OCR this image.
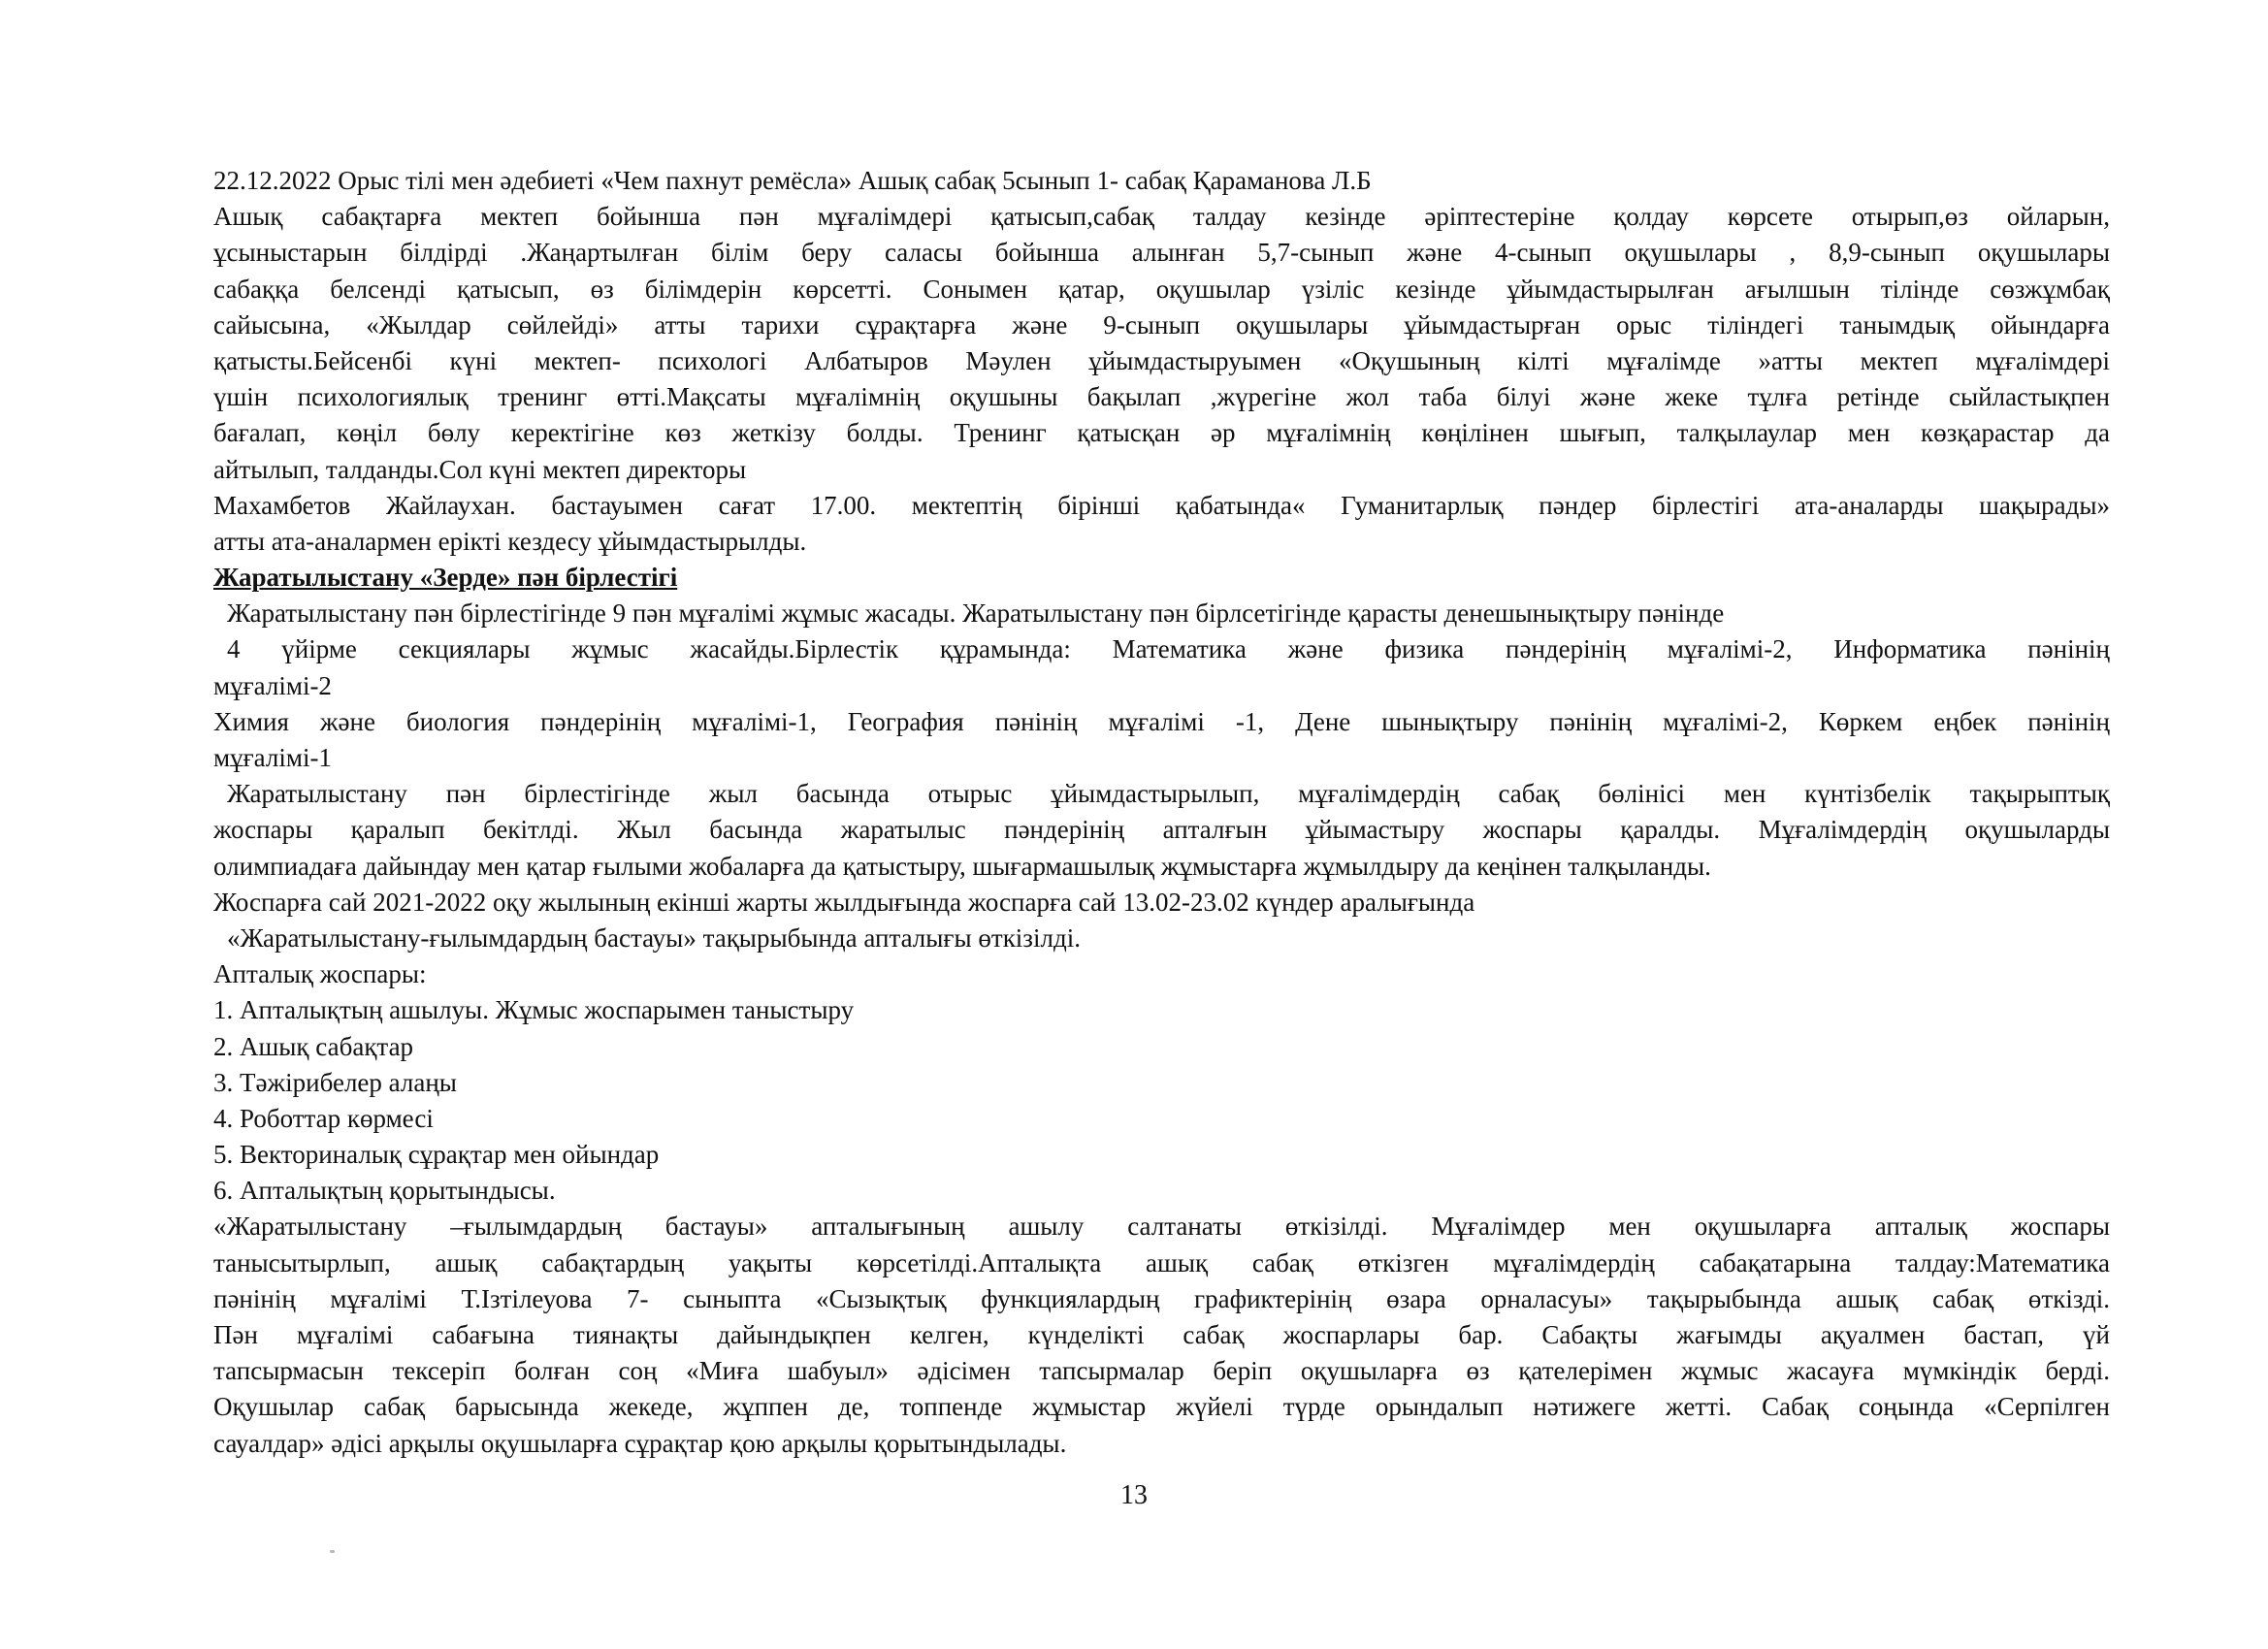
22.12.2022 Орыс тілі мен әдебиеті «Чем пахнут ремёсла» Ашық сабақ 5сынып 1- сабақ Қараманова Л.Б
Ашық сабақтарға мектеп бойынша пән мұғалімдері қатысып,сабақ талдау кезінде әріптестеріне қолдау көрсете отырып,өз ойларын,
ұсыныстарын білдірді .Жаңартылған білім беру саласы бойынша алынған 5,7-сынып және 4-сынып оқушылары , 8,9-сынып оқушылары
сабаққа белсенді қатысып, өз білімдерін көрсетті. Сонымен қатар, оқушылар үзіліс кезінде ұйымдастырылған ағылшын тілінде сөзжұмбақ
сайысына, «Жылдар сөйлейді» атты тарихи сұрақтарға және 9-сынып оқушылары ұйымдастырған орыс тіліндегі танымдық ойындарға
қатысты.Бейсенбі күні мектеп- психологі Албатыров Мәулен ұйымдастыруымен «Оқушының кілті мұғалімде »атты мектеп мұғалімдері
үшін психологиялық тренинг өтті.Мақсаты мұғалімнің оқушыны бақылап ,жүрегіне жол таба білуі және жеке тұлға ретінде сыйластықпен
бағалап, көңіл бөлу керектігіне көз жеткізу болды. Тренинг қатысқан әр мұғалімнің көңілінен шығып, талқылаулар мен көзқарастар да
айтылып, талданды.Сол күні мектеп директоры
Махамбетов Жайлаухан. бастауымен сағат 17.00. мектептің бірінші қабатында« Гуманитарлық пәндер бірлестігі ата-аналарды шақырады»
атты ата-аналармен ерікті кездесу ұйымдастырылды.
Жаратылыстану «Зерде» пән бірлестігі
Жаратылыстану пән бірлестігінде 9 пән мұғалімі жұмыс жасады. Жаратылыстану пән бірлсетігінде қарасты денешынықтыру пәнінде
4 үйірме секциялары жұмыс жасайды.Бірлестік құрамында: Математика және физика пәндерінің мұғалімі-2, Информатика пәнінің
мұғалімі-2
Химия және биология пәндерінің мұғалімі-1, География пәнінің мұғалімі -1, Дене шынықтыру пәнінің мұғалімі-2, Көркем еңбек пәнінің
мұғалімі-1
Жаратылыстану пән бірлестігінде жыл басында отырыс ұйымдастырылып, мұғалімдердің сабақ бөлінісі мен күнтізбелік тақырыптық
жоспары қаралып бекітлді. Жыл басында жаратылыс пәндерінің апталғын ұйымастыру жоспары қаралды. Мұғалімдердің оқушыларды
олимпиадаға дайындау мен қатар ғылыми жобаларға да қатыстыру, шығармашылық жұмыстарға жұмылдыру да кеңінен талқыланды.
Жоспарға сай 2021-2022 оқу жылының екінші жарты жылдығында жоспарға сай 13.02-23.02 күндер аралығында
«Жаратылыстану-ғылымдардың бастауы» тақырыбында апталығы өткізілді.
Апталық жоспары:
1. Апталықтың ашылуы. Жұмыс жоспарымен таныстыру
2. Ашық сабақтар
3. Тәжірибелер алаңы
4. Роботтар көрмесі
5. Векториналық сұрақтар мен ойындар
6. Апталықтың қорытындысы.
«Жаратылыстану –ғылымдардың бастауы» апталығының ашылу салтанаты өткізілді. Мұғалімдер мен оқушыларға апталық жоспары
танысытырлып, ашық сабақтардың уақыты көрсетілді.Апталықта ашық сабақ өткізген мұғалімдердің сабақатарына талдау:Математика
пәнінің мұғалімі Т.Ізтілеуова 7- сыныпта «Сызықтық функциялардың графиктерінің өзара орналасуы» тақырыбында ашық сабақ өткізді.
Пән мұғалімі сабағына тиянақты дайындықпен келген, күнделікті сабақ жоспарлары бар. Сабақты жағымды ақуалмен бастап, үй
тапсырмасын тексеріп болған соң «Миға шабуыл» әдісімен тапсырмалар беріп оқушыларға өз қателерімен жұмыс жасауға мүмкіндік берді.
Оқушылар сабақ барысында жекеде, жұппен де, топпенде жұмыстар жүйелі түрде орындалып нәтижеге жетті. Сабақ соңында «Серпілген
сауалдар» әдісі арқылы оқушыларға сұрақтар қою арқылы қорытындылады.
13
